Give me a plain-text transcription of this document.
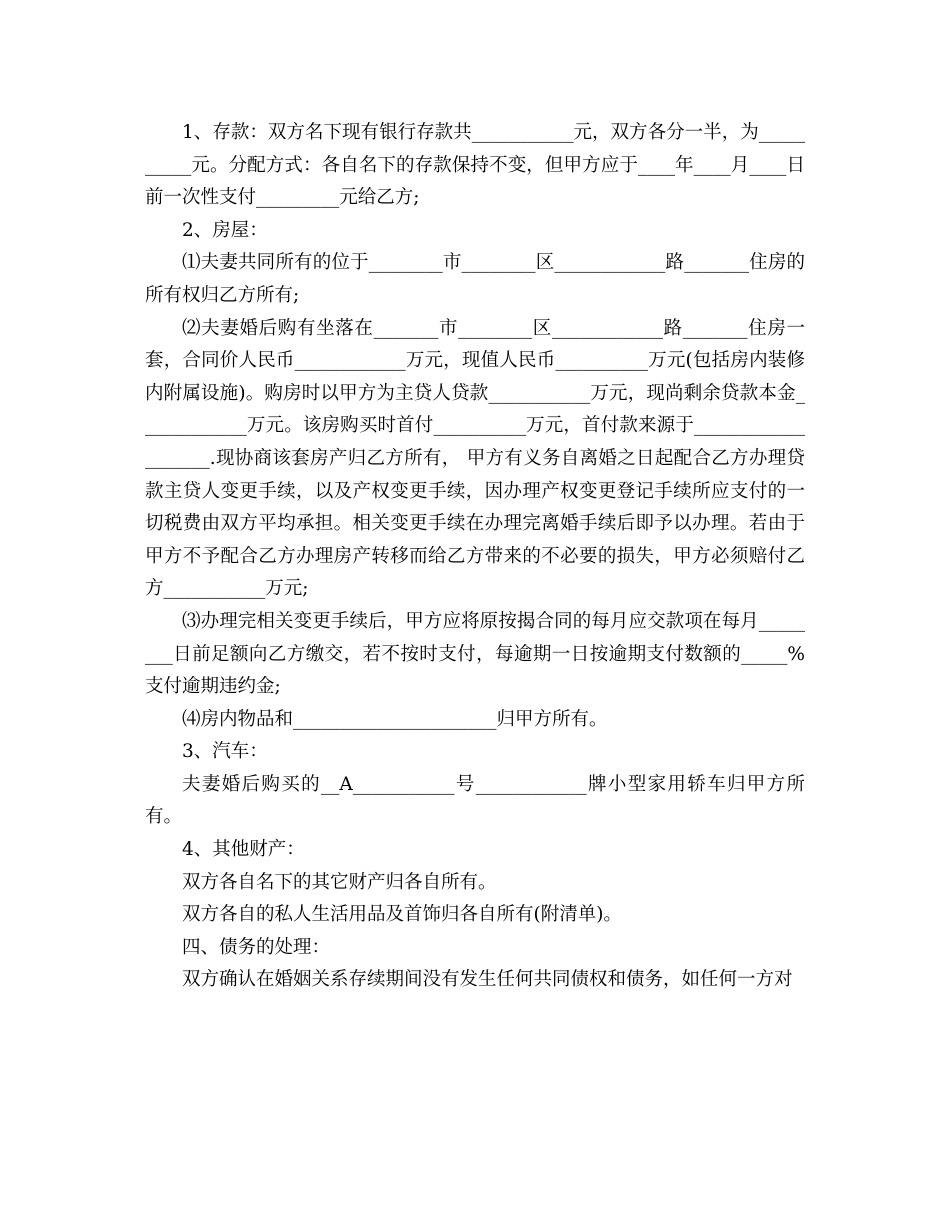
1、存款：双方名下现有银行存款共___________元，双方各分一半，为__________元。分配方式：各自名下的存款保持不变，但甲方应于____年____月____日前一次性支付_________元给乙方;

2、房屋：

⑴夫妻共同所有的位于________市________区____________路_______住房的所有权归乙方所有;

⑵夫妻婚后购有坐落在_______市________区____________路_______住房一套，合同价人民币____________万元，现值人民币__________万元(包括房内装修内附属设施)。购房时以甲方为主贷人贷款___________万元，现尚剩余贷款本金____________万元。该房购买时首付__________万元，首付款来源于___________________.现协商该套房产归乙方所有， 甲方有义务自离婚之日起配合乙方办理贷款主贷人变更手续，以及产权变更手续，因办理产权变更登记手续所应支付的一切税费由双方平均承担。相关变更手续在办理完离婚手续后即予以办理。若由于甲方不予配合乙方办理房产转移而给乙方带来的不必要的损失，甲方必须赔付乙方___________万元;

⑶办理完相关变更手续后，甲方应将原按揭合同的每月应交款项在每月________日前足额向乙方缴交，若不按时支付，每逾期一日按逾期支付数额的_____%支付逾期违约金;

⑷房内物品和______________________归甲方所有。

3、汽车：

夫妻婚后购买的__A___________号____________牌小型家用轿车归甲方所有。

4、其他财产：

双方各自名下的其它财产归各自所有。

双方各自的私人生活用品及首饰归各自所有(附清单)。

四、债务的处理：

双方确认在婚姻关系存续期间没有发生任何共同债权和债务，如任何一方对
